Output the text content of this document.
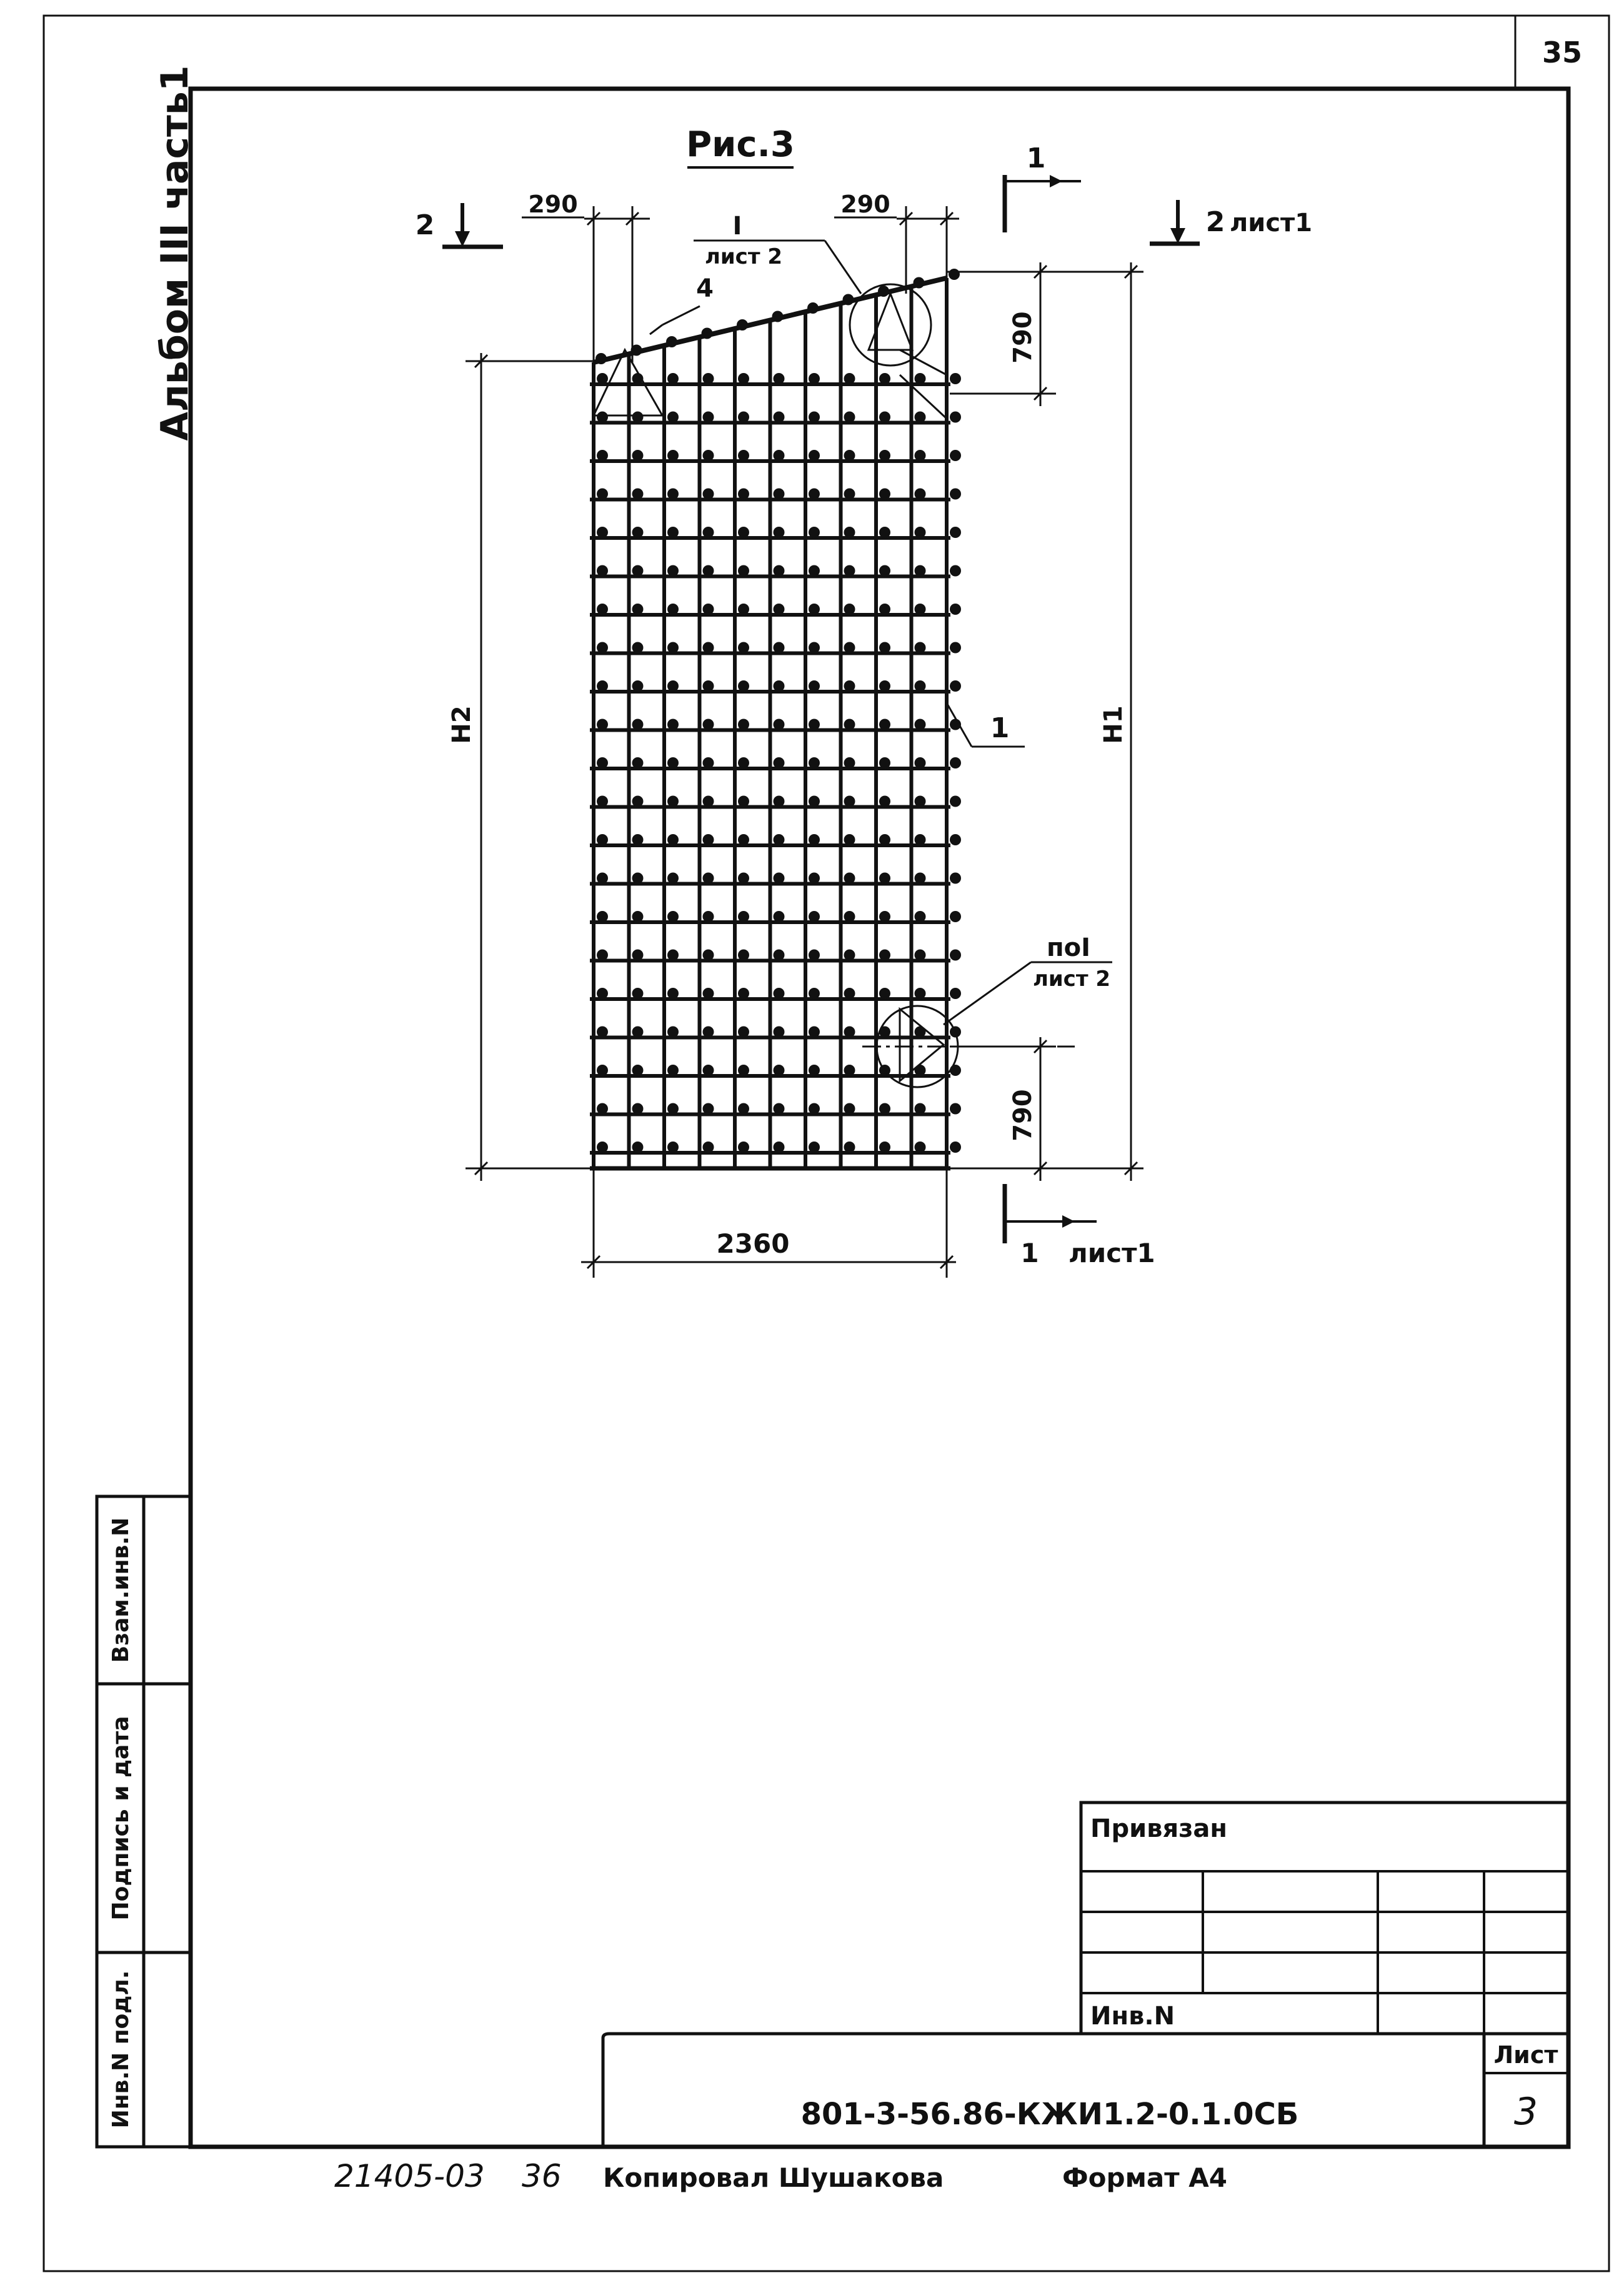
35
Альбом III часть1
Инв.N подл.
Подпись и дата
Взам.инв.N
Рис.3
290	290
790
790
H1
H2
2360
2	2 лист1
1
1 лист1
I
лист 2
поI
лист 2
4
1
Привязан
Инв.N
801-3-56.86-КЖИ1.2-0.1.0СБ
Лист
3
21405-03 36 Копировал Шушакова	Формат А4
